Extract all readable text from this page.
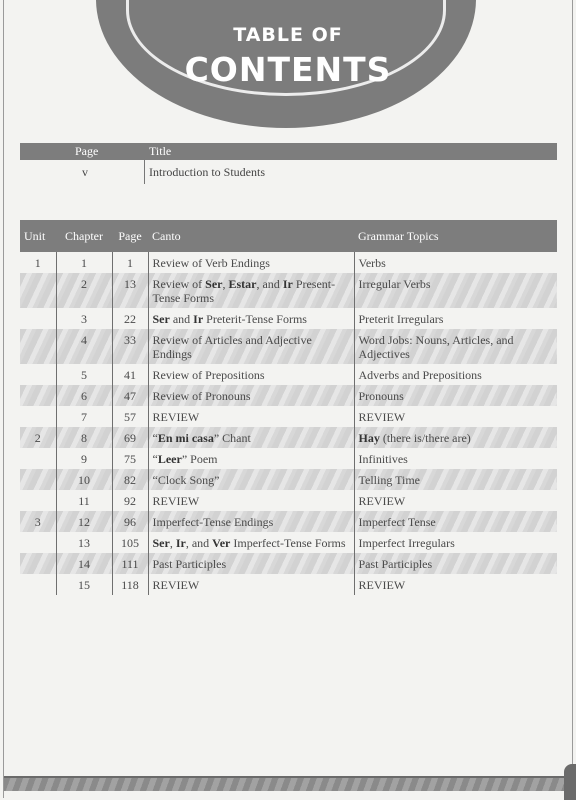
TABLE OF
CONTENTS
Page	Title
v	Introduction to Students
Unit	Chapter	Page	Canto	Grammar Topics
1	1	1	Review of Verb Endings	Verbs
	2	13	Review of Ser, Estar, and Ir Present-Tense Forms	Irregular Verbs
	3	22	Ser and Ir Preterit-Tense Forms	Preterit Irregulars
	4	33	Review of Articles and Adjective Endings	Word Jobs: Nouns, Articles, and Adjectives
	5	41	Review of Prepositions	Adverbs and Prepositions
	6	47	Review of Pronouns	Pronouns
	7	57	REVIEW	REVIEW
2	8	69	“En mi casa” Chant	Hay (there is/there are)
	9	75	“Leer” Poem	Infinitives
	10	82	“Clock Song”	Telling Time
	11	92	REVIEW	REVIEW
3	12	96	Imperfect-Tense Endings	Imperfect Tense
	13	105	Ser, Ir, and Ver Imperfect-Tense Forms	Imperfect Irregulars
	14	111	Past Participles	Past Participles
	15	118	REVIEW	REVIEW
